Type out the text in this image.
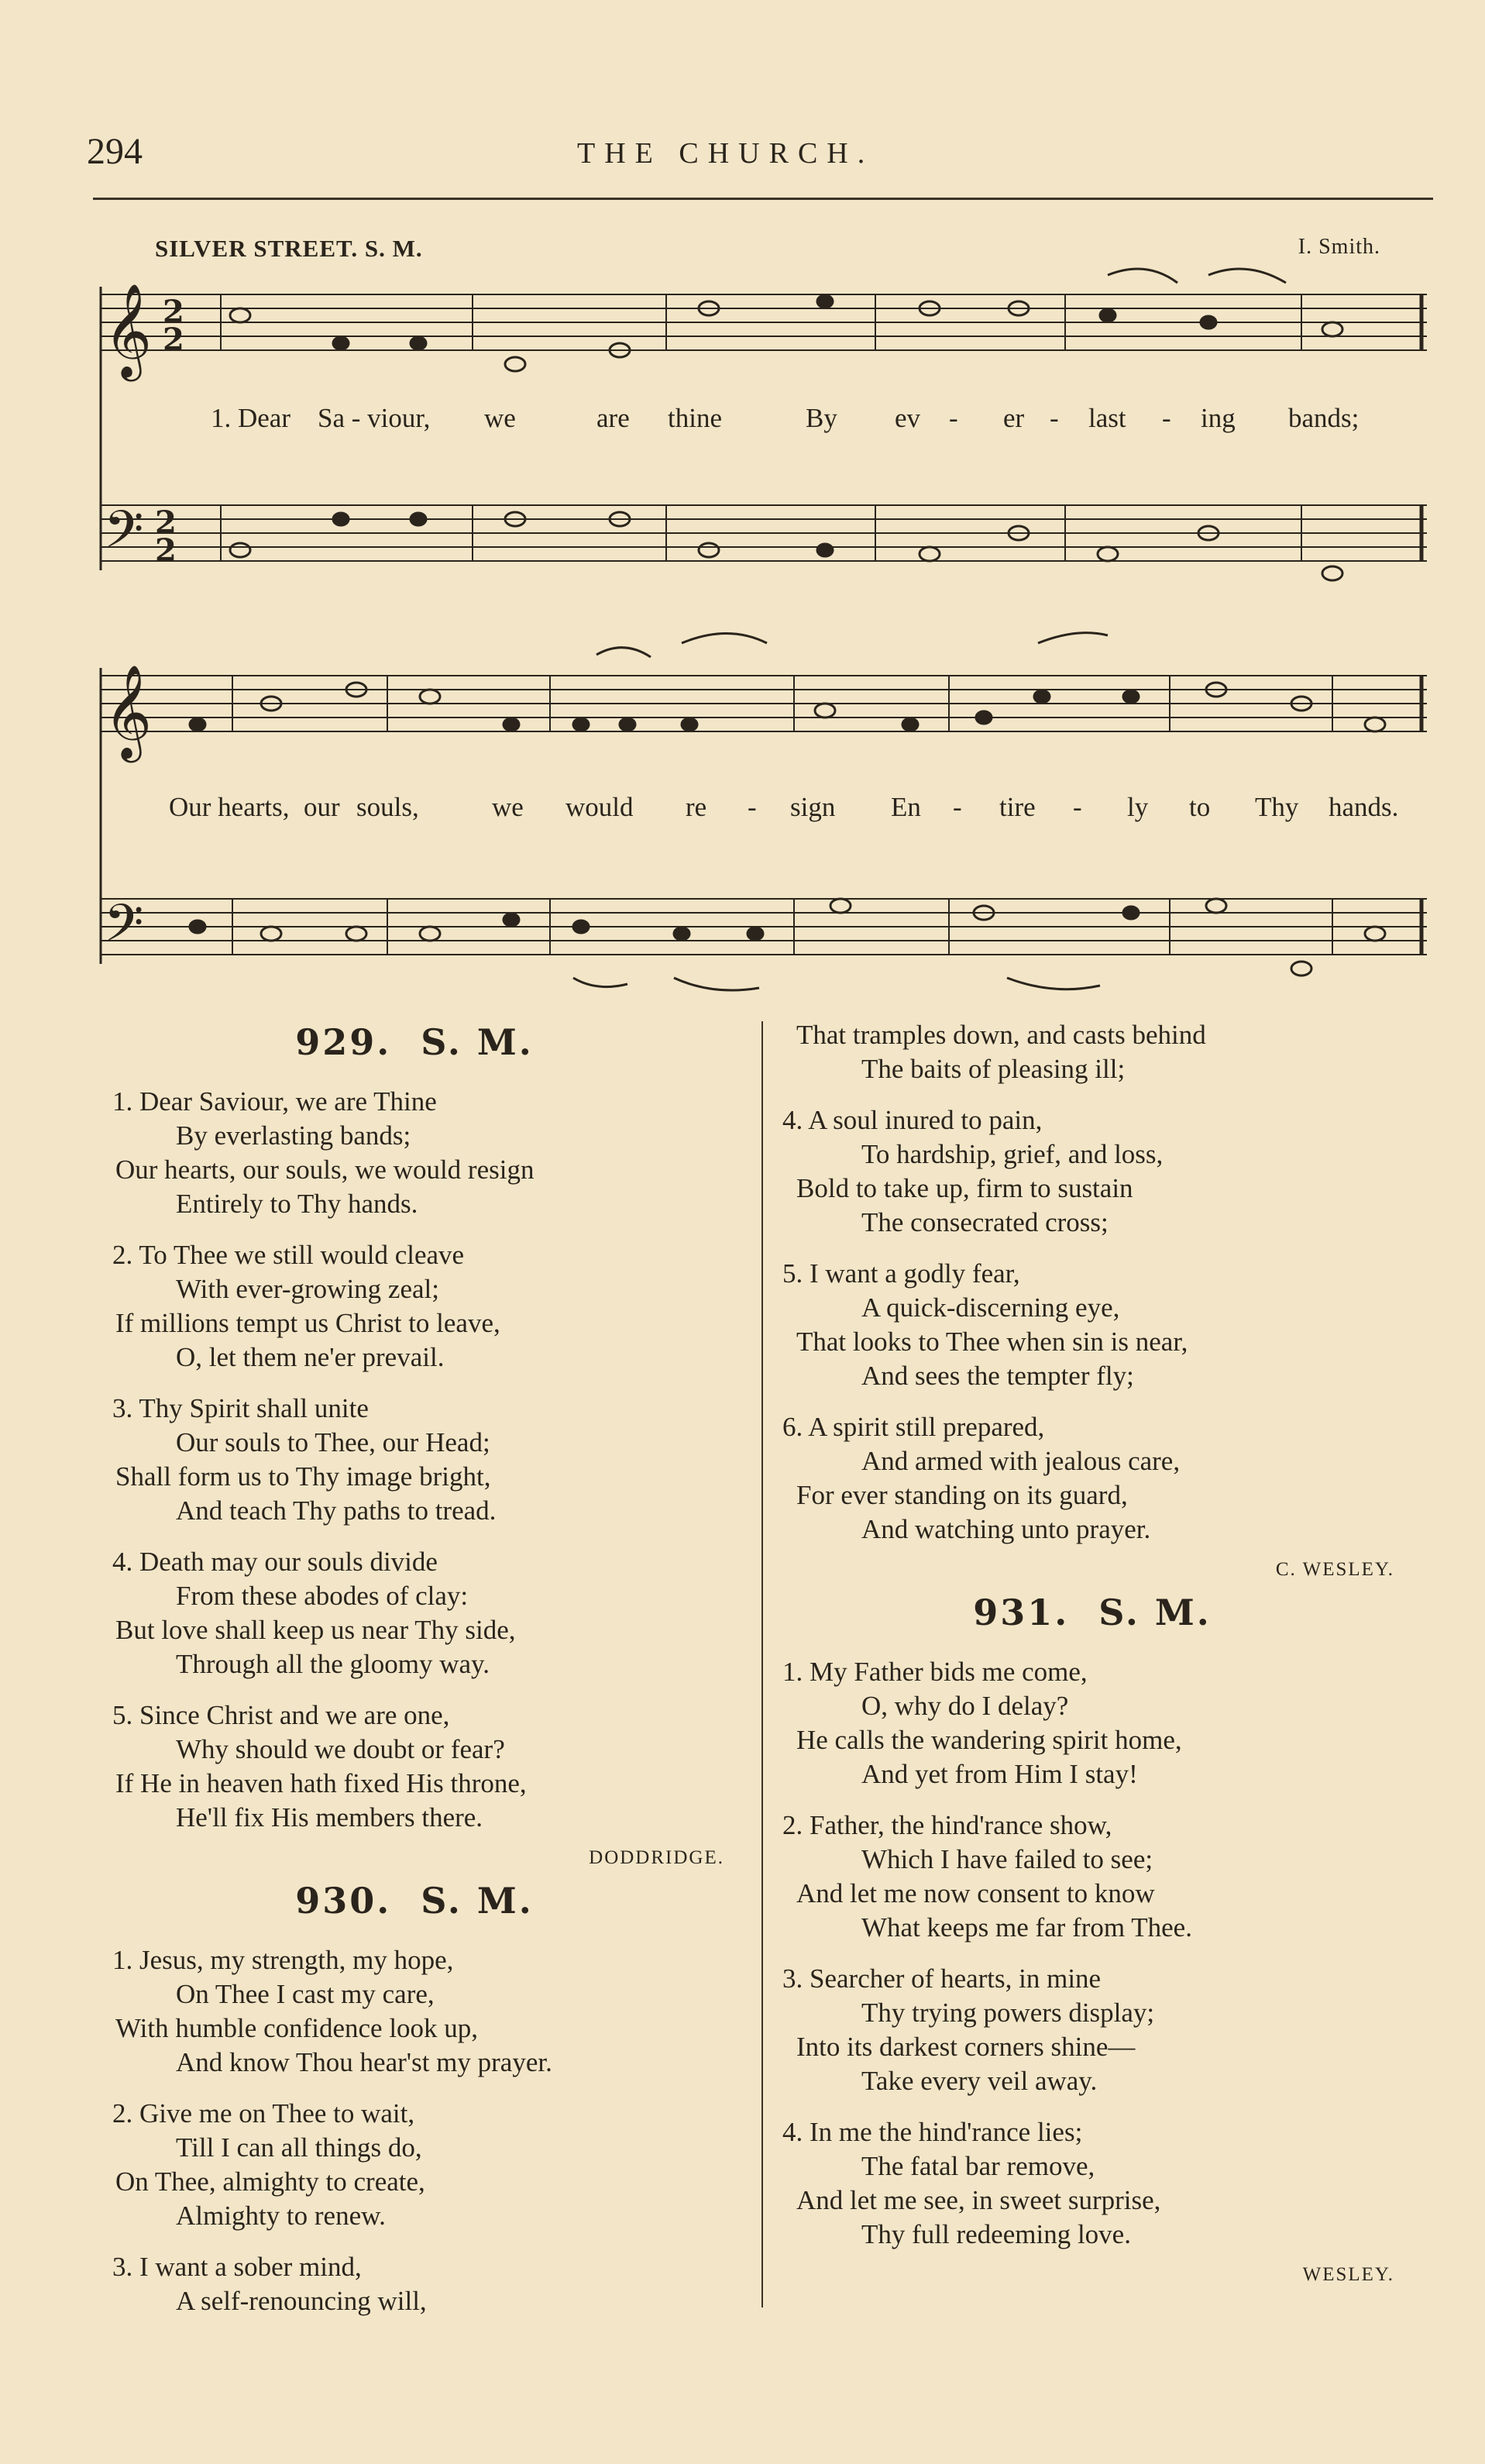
294	THE CHURCH.
SILVER STREET. S. M.	I. Smith.
𝄞
𝄢
𝄞
𝄢
2
2
2
2
1. Dear Sa - viour, we	are thine	By ev - er - last - ing bands;
Our hearts, our souls,	we would re - sign En - tire - ly to Thy hands.
929. S. M.
1. Dear Saviour, we are Thine
By everlasting bands;
Our hearts, our souls, we would resign
Entirely to Thy hands.
2. To Thee we still would cleave
With ever-growing zeal;
If millions tempt us Christ to leave,
O, let them ne'er prevail.
3. Thy Spirit shall unite
Our souls to Thee, our Head;
Shall form us to Thy image bright,
And teach Thy paths to tread.
4. Death may our souls divide
From these abodes of clay:
But love shall keep us near Thy side,
Through all the gloomy way.
5. Since Christ and we are one,
Why should we doubt or fear?
If He in heaven hath fixed His throne,
He'll fix His members there.
DODDRIDGE.
930. S. M.
1. Jesus, my strength, my hope,
On Thee I cast my care,
With humble confidence look up,
And know Thou hear'st my prayer.
2. Give me on Thee to wait,
Till I can all things do,
On Thee, almighty to create,
Almighty to renew.
3. I want a sober mind,
A self-renouncing will,
That tramples down, and casts behind
The baits of pleasing ill;
4. A soul inured to pain,
To hardship, grief, and loss,
Bold to take up, firm to sustain
The consecrated cross;
5. I want a godly fear,
A quick-discerning eye,
That looks to Thee when sin is near,
And sees the tempter fly;
6. A spirit still prepared,
And armed with jealous care,
For ever standing on its guard,
And watching unto prayer.
C. WESLEY.
931. S. M.
1. My Father bids me come,
O, why do I delay?
He calls the wandering spirit home,
And yet from Him I stay!
2. Father, the hind'rance show,
Which I have failed to see;
And let me now consent to know
What keeps me far from Thee.
3. Searcher of hearts, in mine
Thy trying powers display;
Into its darkest corners shine—
Take every veil away.
4. In me the hind'rance lies;
The fatal bar remove,
And let me see, in sweet surprise,
Thy full redeeming love.
WESLEY.
